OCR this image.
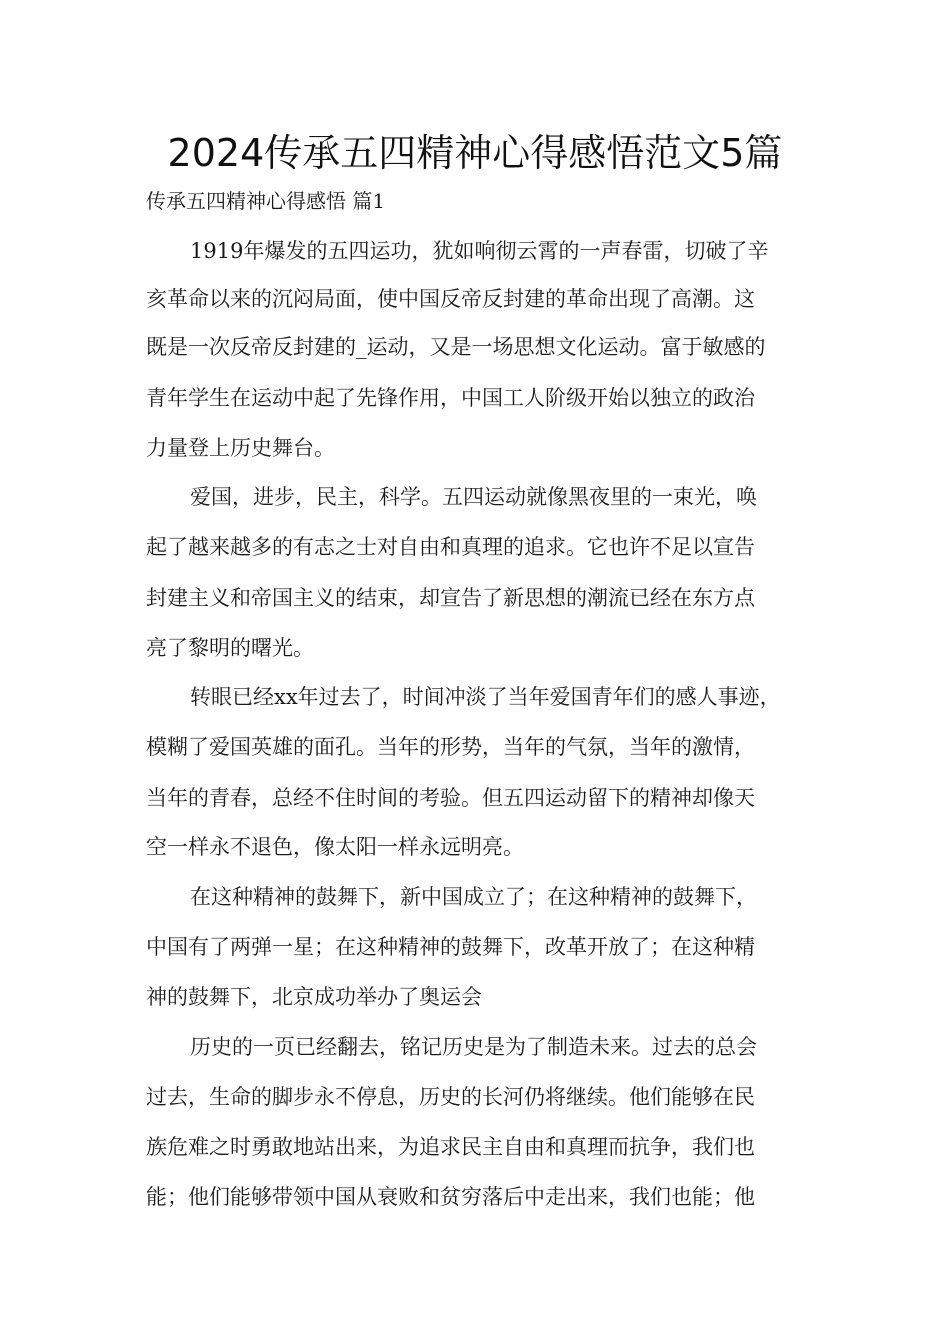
2024传承五四精神心得感悟范文5篇

传承五四精神心得感悟 篇1

1919年爆发的五四运功，犹如响彻云霄的一声春雷，切破了辛

亥革命以来的沉闷局面，使中国反帝反封建的革命出现了高潮。这

既是一次反帝反封建的_运动，又是一场思想文化运动。富于敏感的

青年学生在运动中起了先锋作用，中国工人阶级开始以独立的政治

力量登上历史舞台。

爱国，进步，民主，科学。五四运动就像黑夜里的一束光，唤

起了越来越多的有志之士对自由和真理的追求。它也许不足以宣告

封建主义和帝国主义的结束，却宣告了新思想的潮流已经在东方点

亮了黎明的曙光。

转眼已经xx年过去了，时间冲淡了当年爱国青年们的感人事迹，

模糊了爱国英雄的面孔。当年的形势，当年的气氛，当年的激情，

当年的青春，总经不住时间的考验。但五四运动留下的精神却像天

空一样永不退色，像太阳一样永远明亮。

在这种精神的鼓舞下，新中国成立了；在这种精神的鼓舞下，

中国有了两弹一星；在这种精神的鼓舞下，改革开放了；在这种精

神的鼓舞下，北京成功举办了奥运会

历史的一页已经翻去，铭记历史是为了制造未来。过去的总会

过去，生命的脚步永不停息，历史的长河仍将继续。他们能够在民

族危难之时勇敢地站出来，为追求民主自由和真理而抗争，我们也

能；他们能够带领中国从衰败和贫穷落后中走出来，我们也能；他
